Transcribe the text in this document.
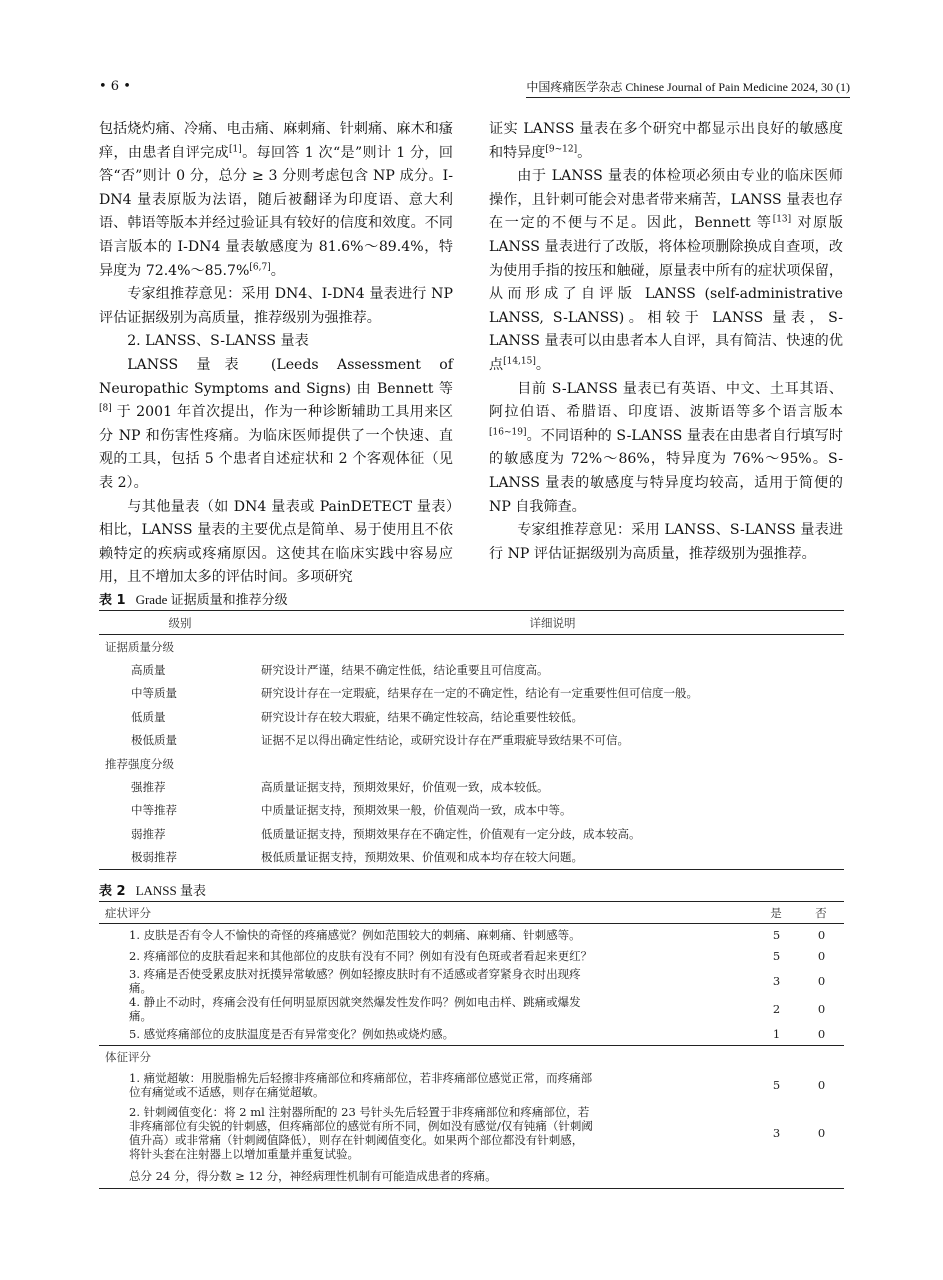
• 6 •	中国疼痛医学杂志 Chinese Journal of Pain Medicine 2024, 30 (1)

包括烧灼痛、冷痛、电击痛、麻刺痛、针刺痛、麻木和瘙痒，由患者自评完成[1]。每回答 1 次“是”则计 1 分，回答“否”则计 0 分，总分 ≥ 3 分则考虑包含 NP 成分。I-DN4 量表原版为法语，随后被翻译为印度语、意大利语、韩语等版本并经过验证具有较好的信度和效度。不同语言版本的 I-DN4 量表敏感度为 81.6%～89.4%，特异度为 72.4%～85.7%[6,7]。

专家组推荐意见：采用 DN4、I-DN4 量表进行 NP 评估证据级别为高质量，推荐级别为强推荐。

2. LANSS、S-LANSS 量表

LANSS 量表 (Leeds Assessment of Neuropathic Symptoms and Signs) 由 Bennett 等[8] 于 2001 年首次提出，作为一种诊断辅助工具用来区分 NP 和伤害性疼痛。为临床医师提供了一个快速、直观的工具，包括 5 个患者自述症状和 2 个客观体征（见表 2）。

与其他量表（如 DN4 量表或 PainDETECT 量表）相比，LANSS 量表的主要优点是简单、易于使用且不依赖特定的疾病或疼痛原因。这使其在临床实践中容易应用，且不增加太多的评估时间。多项研究

证实 LANSS 量表在多个研究中都显示出良好的敏感度和特异度[9~12]。

由于 LANSS 量表的体检项必须由专业的临床医师操作，且针刺可能会对患者带来痛苦，LANSS 量表也存在一定的不便与不足。因此，Bennett 等[13] 对原版 LANSS 量表进行了改版，将体检项删除换成自查项，改为使用手指的按压和触碰，原量表中所有的症状项保留，从而形成了自评版 LANSS (self-administrative LANSS, S-LANSS)。相较于 LANSS 量表，S-LANSS 量表可以由患者本人自评，具有简洁、快速的优点[14,15]。

目前 S-LANSS 量表已有英语、中文、土耳其语、阿拉伯语、希腊语、印度语、波斯语等多个语言版本[16~19]。不同语种的 S-LANSS 量表在由患者自行填写时的敏感度为 72%～86%，特异度为 76%～95%。S-LANSS 量表的敏感度与特异度均较高，适用于简便的 NP 自我筛查。

专家组推荐意见：采用 LANSS、S-LANSS 量表进行 NP 评估证据级别为高质量，推荐级别为强推荐。

表 1 Grade 证据质量和推荐分级
级别	详细说明
证据质量分级	
高质量	研究设计严谨，结果不确定性低，结论重要且可信度高。
中等质量	研究设计存在一定瑕疵，结果存在一定的不确定性，结论有一定重要性但可信度一般。
低质量	研究设计存在较大瑕疵，结果不确定性较高，结论重要性较低。
极低质量	证据不足以得出确定性结论，或研究设计存在严重瑕疵导致结果不可信。
推荐强度分级	
强推荐	高质量证据支持，预期效果好，价值观一致，成本较低。
中等推荐	中质量证据支持，预期效果一般，价值观尚一致，成本中等。
弱推荐	低质量证据支持，预期效果存在不确定性，价值观有一定分歧，成本较高。
极弱推荐	极低质量证据支持，预期效果、价值观和成本均存在较大问题。
表 2 LANSS 量表
症状评分	是	否
1. 皮肤是否有令人不愉快的奇怪的疼痛感觉？例如范围较大的刺痛、麻刺痛、针刺感等。	5	0
2. 疼痛部位的皮肤看起来和其他部位的皮肤有没有不同？例如有没有色斑或者看起来更红？	5	0
3. 疼痛是否使受累皮肤对抚摸异常敏感？例如轻擦皮肤时有不适感或者穿紧身衣时出现疼痛。	3	0
4. 静止不动时，疼痛会没有任何明显原因就突然爆发性发作吗？例如电击样、跳痛或爆发痛。	2	0
5. 感觉疼痛部位的皮肤温度是否有异常变化？例如热或烧灼感。	1	0
体征评分		
1. 痛觉超敏：用脱脂棉先后轻擦非疼痛部位和疼痛部位，若非疼痛部位感觉正常，而疼痛部位有痛觉或不适感，则存在痛觉超敏。	5	0
2. 针刺阈值变化：将 2 ml 注射器所配的 23 号针头先后轻置于非疼痛部位和疼痛部位，若非疼痛部位有尖锐的针刺感，但疼痛部位的感觉有所不同，例如没有感觉/仅有钝痛（针刺阈值升高）或非常痛（针刺阈值降低），则存在针刺阈值变化。如果两个部位都没有针刺感，将针头套在注射器上以增加重量并重复试验。	3	0
总分 24 分，得分数 ≥ 12 分，神经病理性机制有可能造成患者的疼痛。		
